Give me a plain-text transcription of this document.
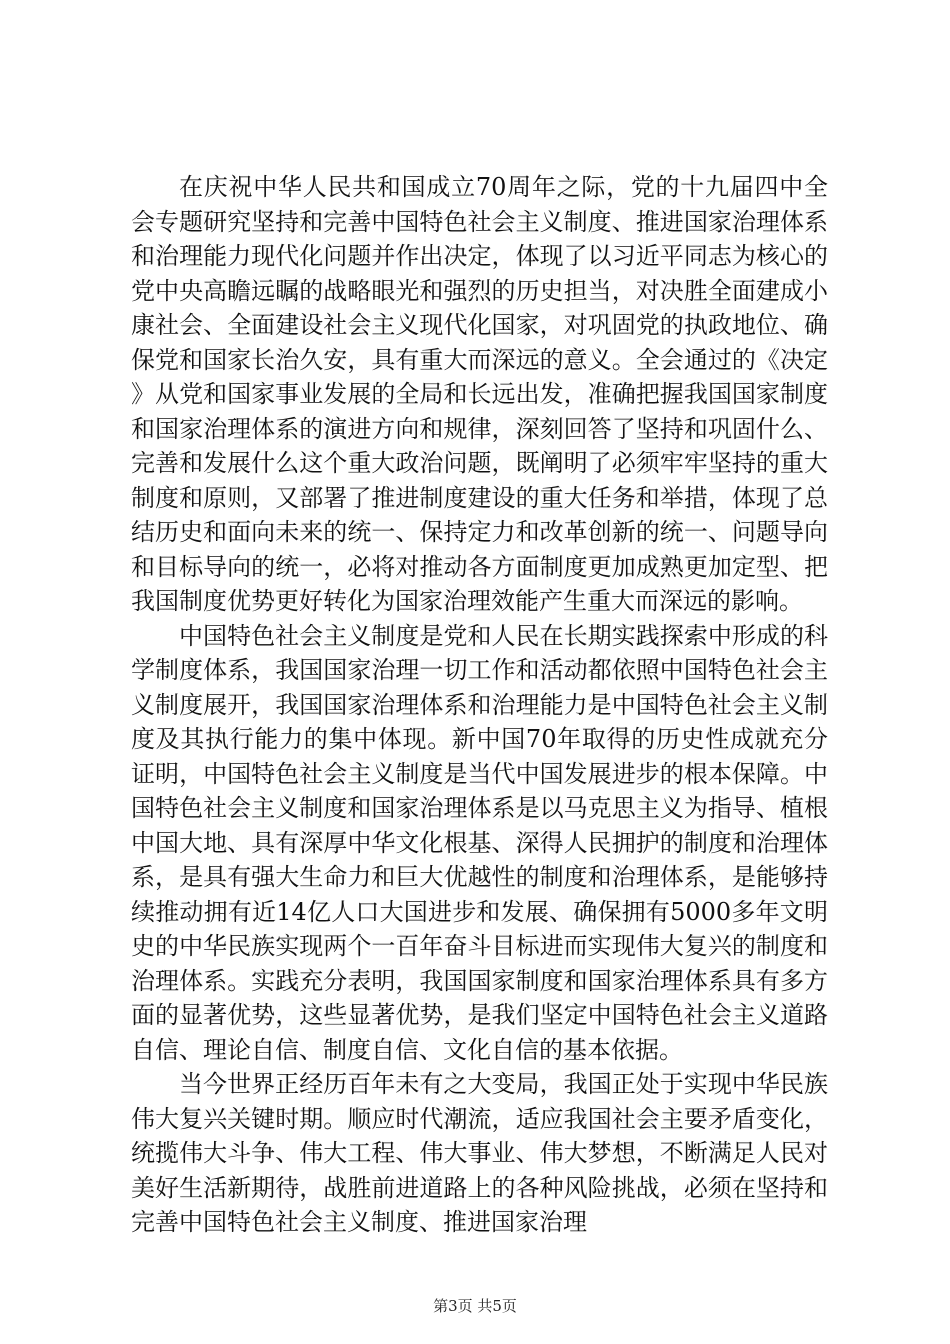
在庆祝中华人民共和国成立70周年之际，党的十九届四中全会专题研究坚持和完善中国特色社会主义制度、推进国家治理体系和治理能力现代化问题并作出决定，体现了以习近平同志为核心的党中央高瞻远瞩的战略眼光和强烈的历史担当，对决胜全面建成小康社会、全面建设社会主义现代化国家，对巩固党的执政地位、确保党和国家长治久安，具有重大而深远的意义。全会通过的《决定》从党和国家事业发展的全局和长远出发，准确把握我国国家制度和国家治理体系的演进方向和规律，深刻回答了坚持和巩固什么、完善和发展什么这个重大政治问题，既阐明了必须牢牢坚持的重大制度和原则，又部署了推进制度建设的重大任务和举措，体现了总结历史和面向未来的统一、保持定力和改革创新的统一、问题导向和目标导向的统一，必将对推动各方面制度更加成熟更加定型、把我国制度优势更好转化为国家治理效能产生重大而深远的影响。

中国特色社会主义制度是党和人民在长期实践探索中形成的科学制度体系，我国国家治理一切工作和活动都依照中国特色社会主义制度展开，我国国家治理体系和治理能力是中国特色社会主义制度及其执行能力的集中体现。新中国70年取得的历史性成就充分证明，中国特色社会主义制度是当代中国发展进步的根本保障。中国特色社会主义制度和国家治理体系是以马克思主义为指导、植根中国大地、具有深厚中华文化根基、深得人民拥护的制度和治理体系，是具有强大生命力和巨大优越性的制度和治理体系，是能够持续推动拥有近14亿人口大国进步和发展、确保拥有5000多年文明史的中华民族实现两个一百年奋斗目标进而实现伟大复兴的制度和治理体系。实践充分表明，我国国家制度和国家治理体系具有多方面的显著优势，这些显著优势，是我们坚定中国特色社会主义道路自信、理论自信、制度自信、文化自信的基本依据。

当今世界正经历百年未有之大变局，我国正处于实现中华民族伟大复兴关键时期。顺应时代潮流，适应我国社会主要矛盾变化，统揽伟大斗争、伟大工程、伟大事业、伟大梦想，不断满足人民对美好生活新期待，战胜前进道路上的各种风险挑战，必须在坚持和完善中国特色社会主义制度、推进国家治理

第3页 共5页
